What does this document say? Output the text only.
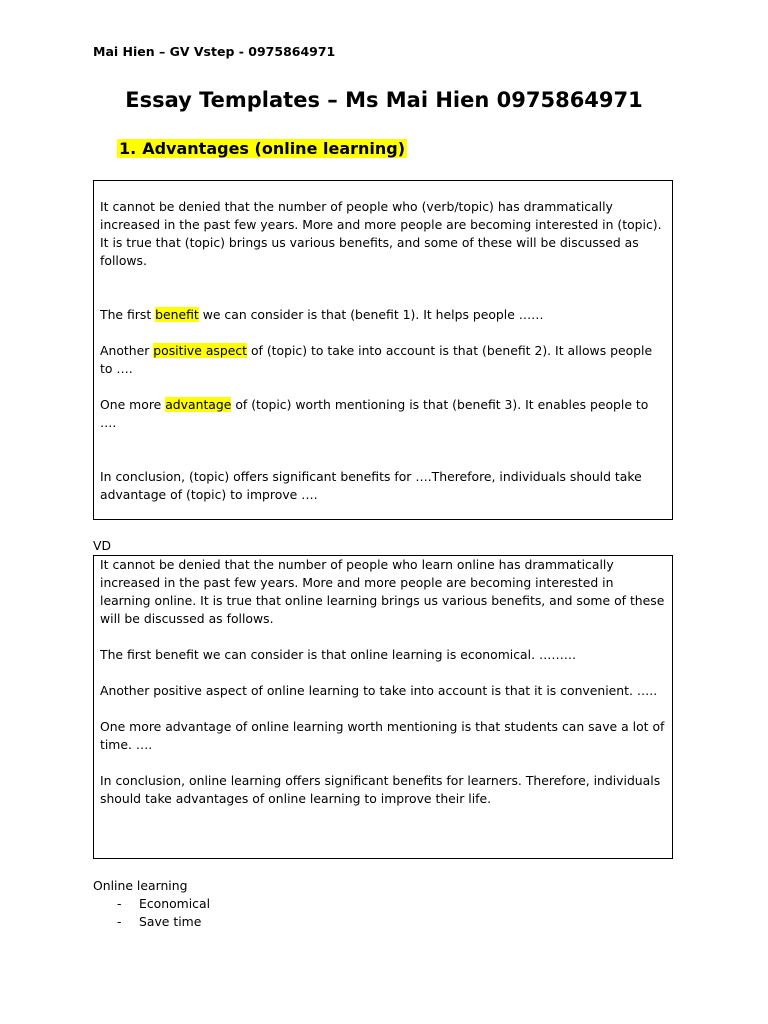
Mai Hien – GV Vstep - 0975864971
Essay Templates – Ms Mai Hien 0975864971
1. Advantages (online learning)

It cannot be denied that the number of people who (verb/topic) has drammatically increased in the past few years. More and more people are becoming interested in (topic). It is true that (topic) brings us various benefits, and some of these will be discussed as follows.

The first benefit we can consider is that (benefit 1). It helps people ……

Another positive aspect of (topic) to take into account is that (benefit 2). It allows people to ….

One more advantage of (topic) worth mentioning is that (benefit 3). It enables people to ….

In conclusion, (topic) offers significant benefits for ….Therefore, individuals should take advantage of (topic) to improve ….

VD

It cannot be denied that the number of people who learn online has drammatically increased in the past few years. More and more people are becoming interested in learning online. It is true that online learning brings us various benefits, and some of these will be discussed as follows.

The first benefit we can consider is that online learning is economical. ………

Another positive aspect of online learning to take into account is that it is convenient. …..

One more advantage of online learning worth mentioning is that students can save a lot of time. ….

In conclusion, online learning offers significant benefits for learners. Therefore, individuals should take advantages of online learning to improve their life.

Online learning
- Economical
- Save time
